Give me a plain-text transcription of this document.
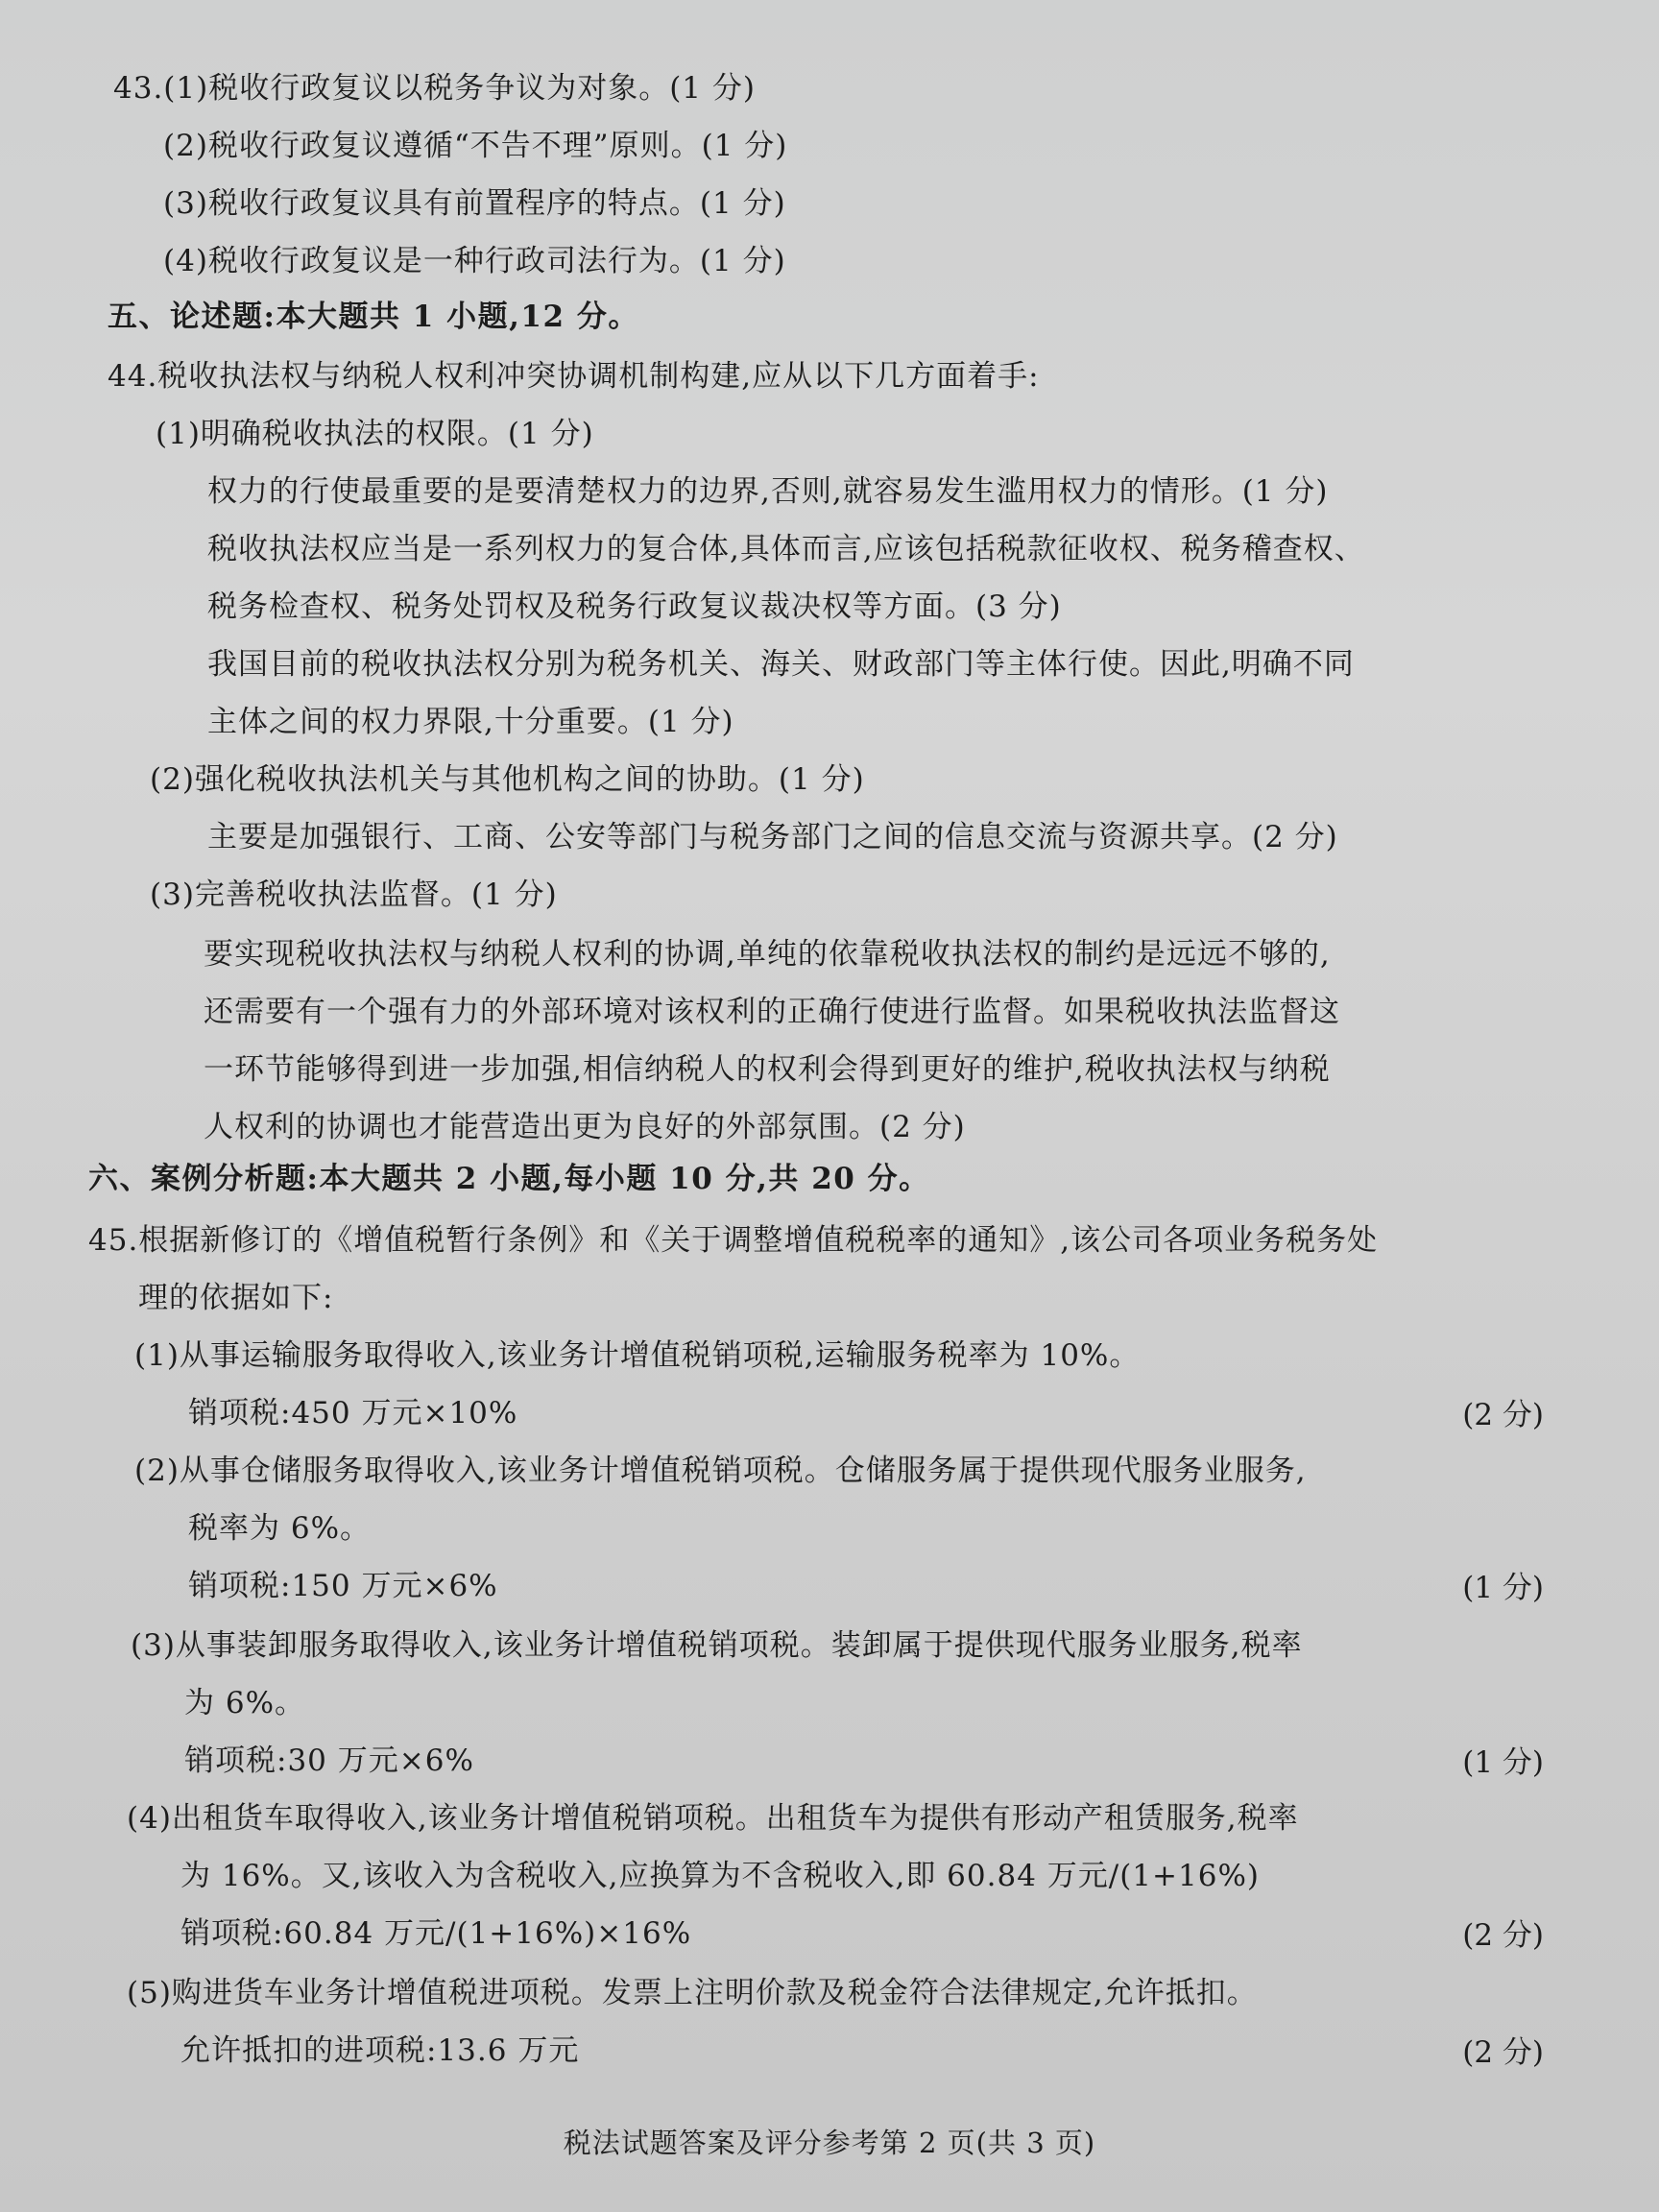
43.(1)税收行政复议以税务争议为对象。(1 分)
(2)税收行政复议遵循“不告不理”原则。(1 分)
(3)税收行政复议具有前置程序的特点。(1 分)
(4)税收行政复议是一种行政司法行为。(1 分)
五、论述题:本大题共 1 小题,12 分。
44.税收执法权与纳税人权利冲突协调机制构建,应从以下几方面着手:
(1)明确税收执法的权限。(1 分)
权力的行使最重要的是要清楚权力的边界,否则,就容易发生滥用权力的情形。(1 分)
税收执法权应当是一系列权力的复合体,具体而言,应该包括税款征收权、税务稽查权、
税务检查权、税务处罚权及税务行政复议裁决权等方面。(3 分)
我国目前的税收执法权分别为税务机关、海关、财政部门等主体行使。因此,明确不同
主体之间的权力界限,十分重要。(1 分)
(2)强化税收执法机关与其他机构之间的协助。(1 分)
主要是加强银行、工商、公安等部门与税务部门之间的信息交流与资源共享。(2 分)
(3)完善税收执法监督。(1 分)
要实现税收执法权与纳税人权利的协调,单纯的依靠税收执法权的制约是远远不够的,
还需要有一个强有力的外部环境对该权利的正确行使进行监督。如果税收执法监督这
一环节能够得到进一步加强,相信纳税人的权利会得到更好的维护,税收执法权与纳税
人权利的协调也才能营造出更为良好的外部氛围。(2 分)
六、案例分析题:本大题共 2 小题,每小题 10 分,共 20 分。
45.根据新修订的《增值税暂行条例》和《关于调整增值税税率的通知》,该公司各项业务税务处
理的依据如下:
(1)从事运输服务取得收入,该业务计增值税销项税,运输服务税率为 10%。
销项税:450 万元×10%	(2 分)
(2)从事仓储服务取得收入,该业务计增值税销项税。仓储服务属于提供现代服务业服务,
税率为 6%。
销项税:150 万元×6%	(1 分)
(3)从事装卸服务取得收入,该业务计增值税销项税。装卸属于提供现代服务业服务,税率
为 6%。
销项税:30 万元×6%	(1 分)
(4)出租货车取得收入,该业务计增值税销项税。出租货车为提供有形动产租赁服务,税率
为 16%。又,该收入为含税收入,应换算为不含税收入,即 60.84 万元/(1+16%)
销项税:60.84 万元/(1+16%)×16%	(2 分)
(5)购进货车业务计增值税进项税。发票上注明价款及税金符合法律规定,允许抵扣。
允许抵扣的进项税:13.6 万元	(2 分)
税法试题答案及评分参考第 2 页(共 3 页)
